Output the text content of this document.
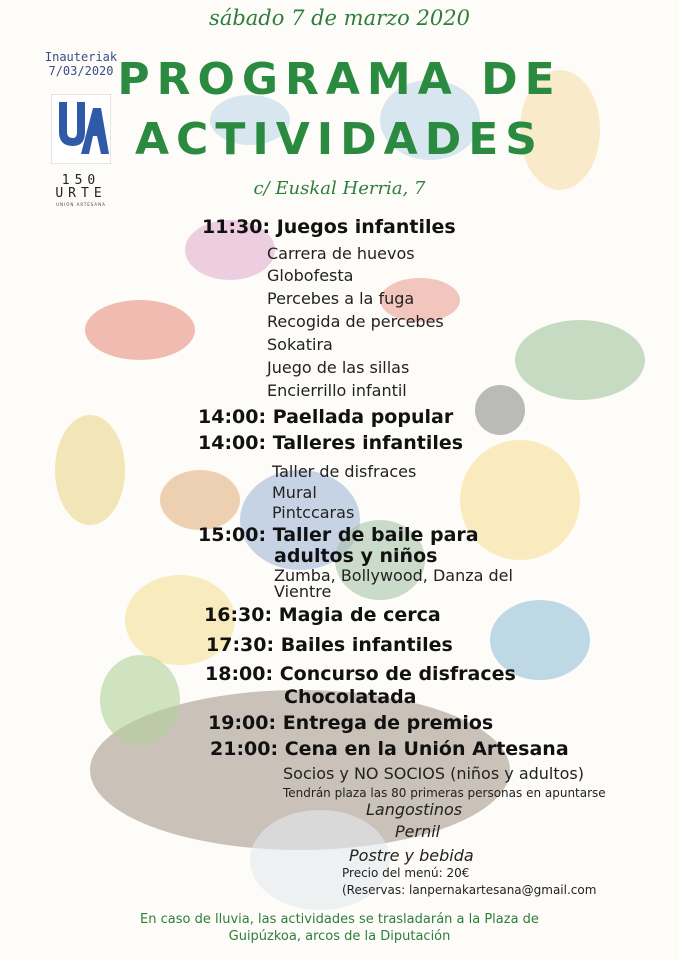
sábado 7 de marzo 2020
PROGRAMA DE
ACTIVIDADES
c/ Euskal Herria, 7
Inauteriak
7/03/2020
150
URTE
UNIÓN ARTESANA
11:30: Juegos infantiles
Carrera de huevos
Globofesta
Percebes a la fuga
Recogida de percebes
Sokatira
Juego de las sillas
Encierrillo infantil
14:00: Paellada popular
14:00: Talleres infantiles
Taller de disfraces
Mural
Pintccaras
15:00: Taller de baile para
adultos y niños
Zumba, Bollywood, Danza del
Vientre
16:30: Magia de cerca
17:30: Bailes infantiles
18:00: Concurso de disfraces
Chocolatada
19:00: Entrega de premios
21:00: Cena en la Unión Artesana
Socios y NO SOCIOS (niños y adultos)
Tendrán plaza las 80 primeras personas en apuntarse
Langostinos
Pernil
Postre y bebida
Precio del menú: 20€
(Reservas: lanpernakartesana@gmail.com
En caso de lluvia, las actividades se trasladarán a la Plaza de
Guipúzkoa, arcos de la Diputación
